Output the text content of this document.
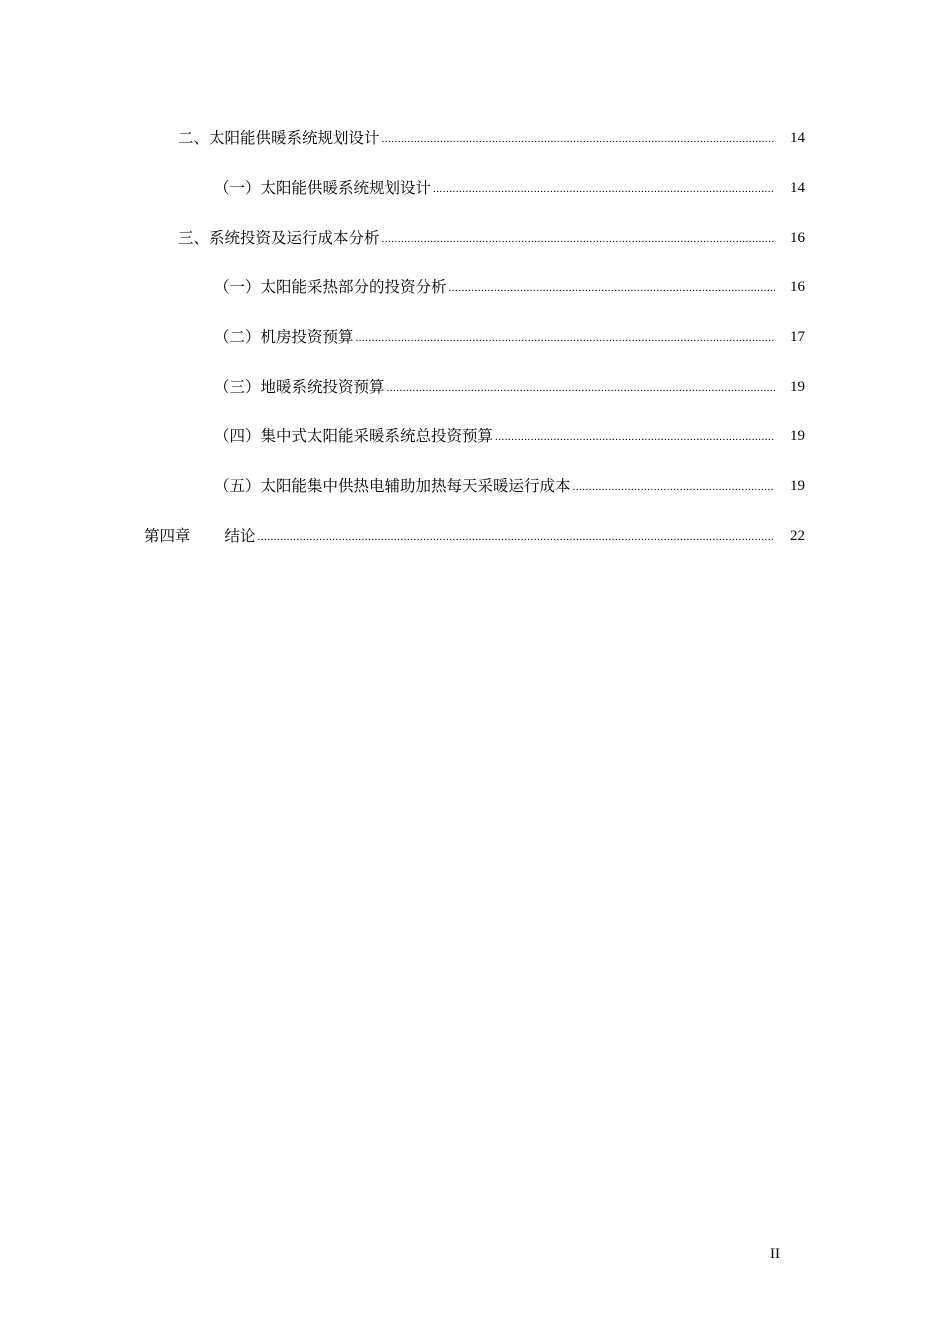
二、太阳能供暖系统规划设计 .....	14
（一）太阳能供暖系统规划设计 .....	14
三、系统投资及运行成本分析 .....	16
（一）太阳能采热部分的投资分析 .....	16
（二）机房投资预算 .....	17
（三）地暖系统投资预算 .....	19
（四）集中式太阳能采暖系统总投资预算 .....	19
（五）太阳能集中供热电辅助加热每天采暖运行成本 .....	19
第四章 结论 .....	22
II
